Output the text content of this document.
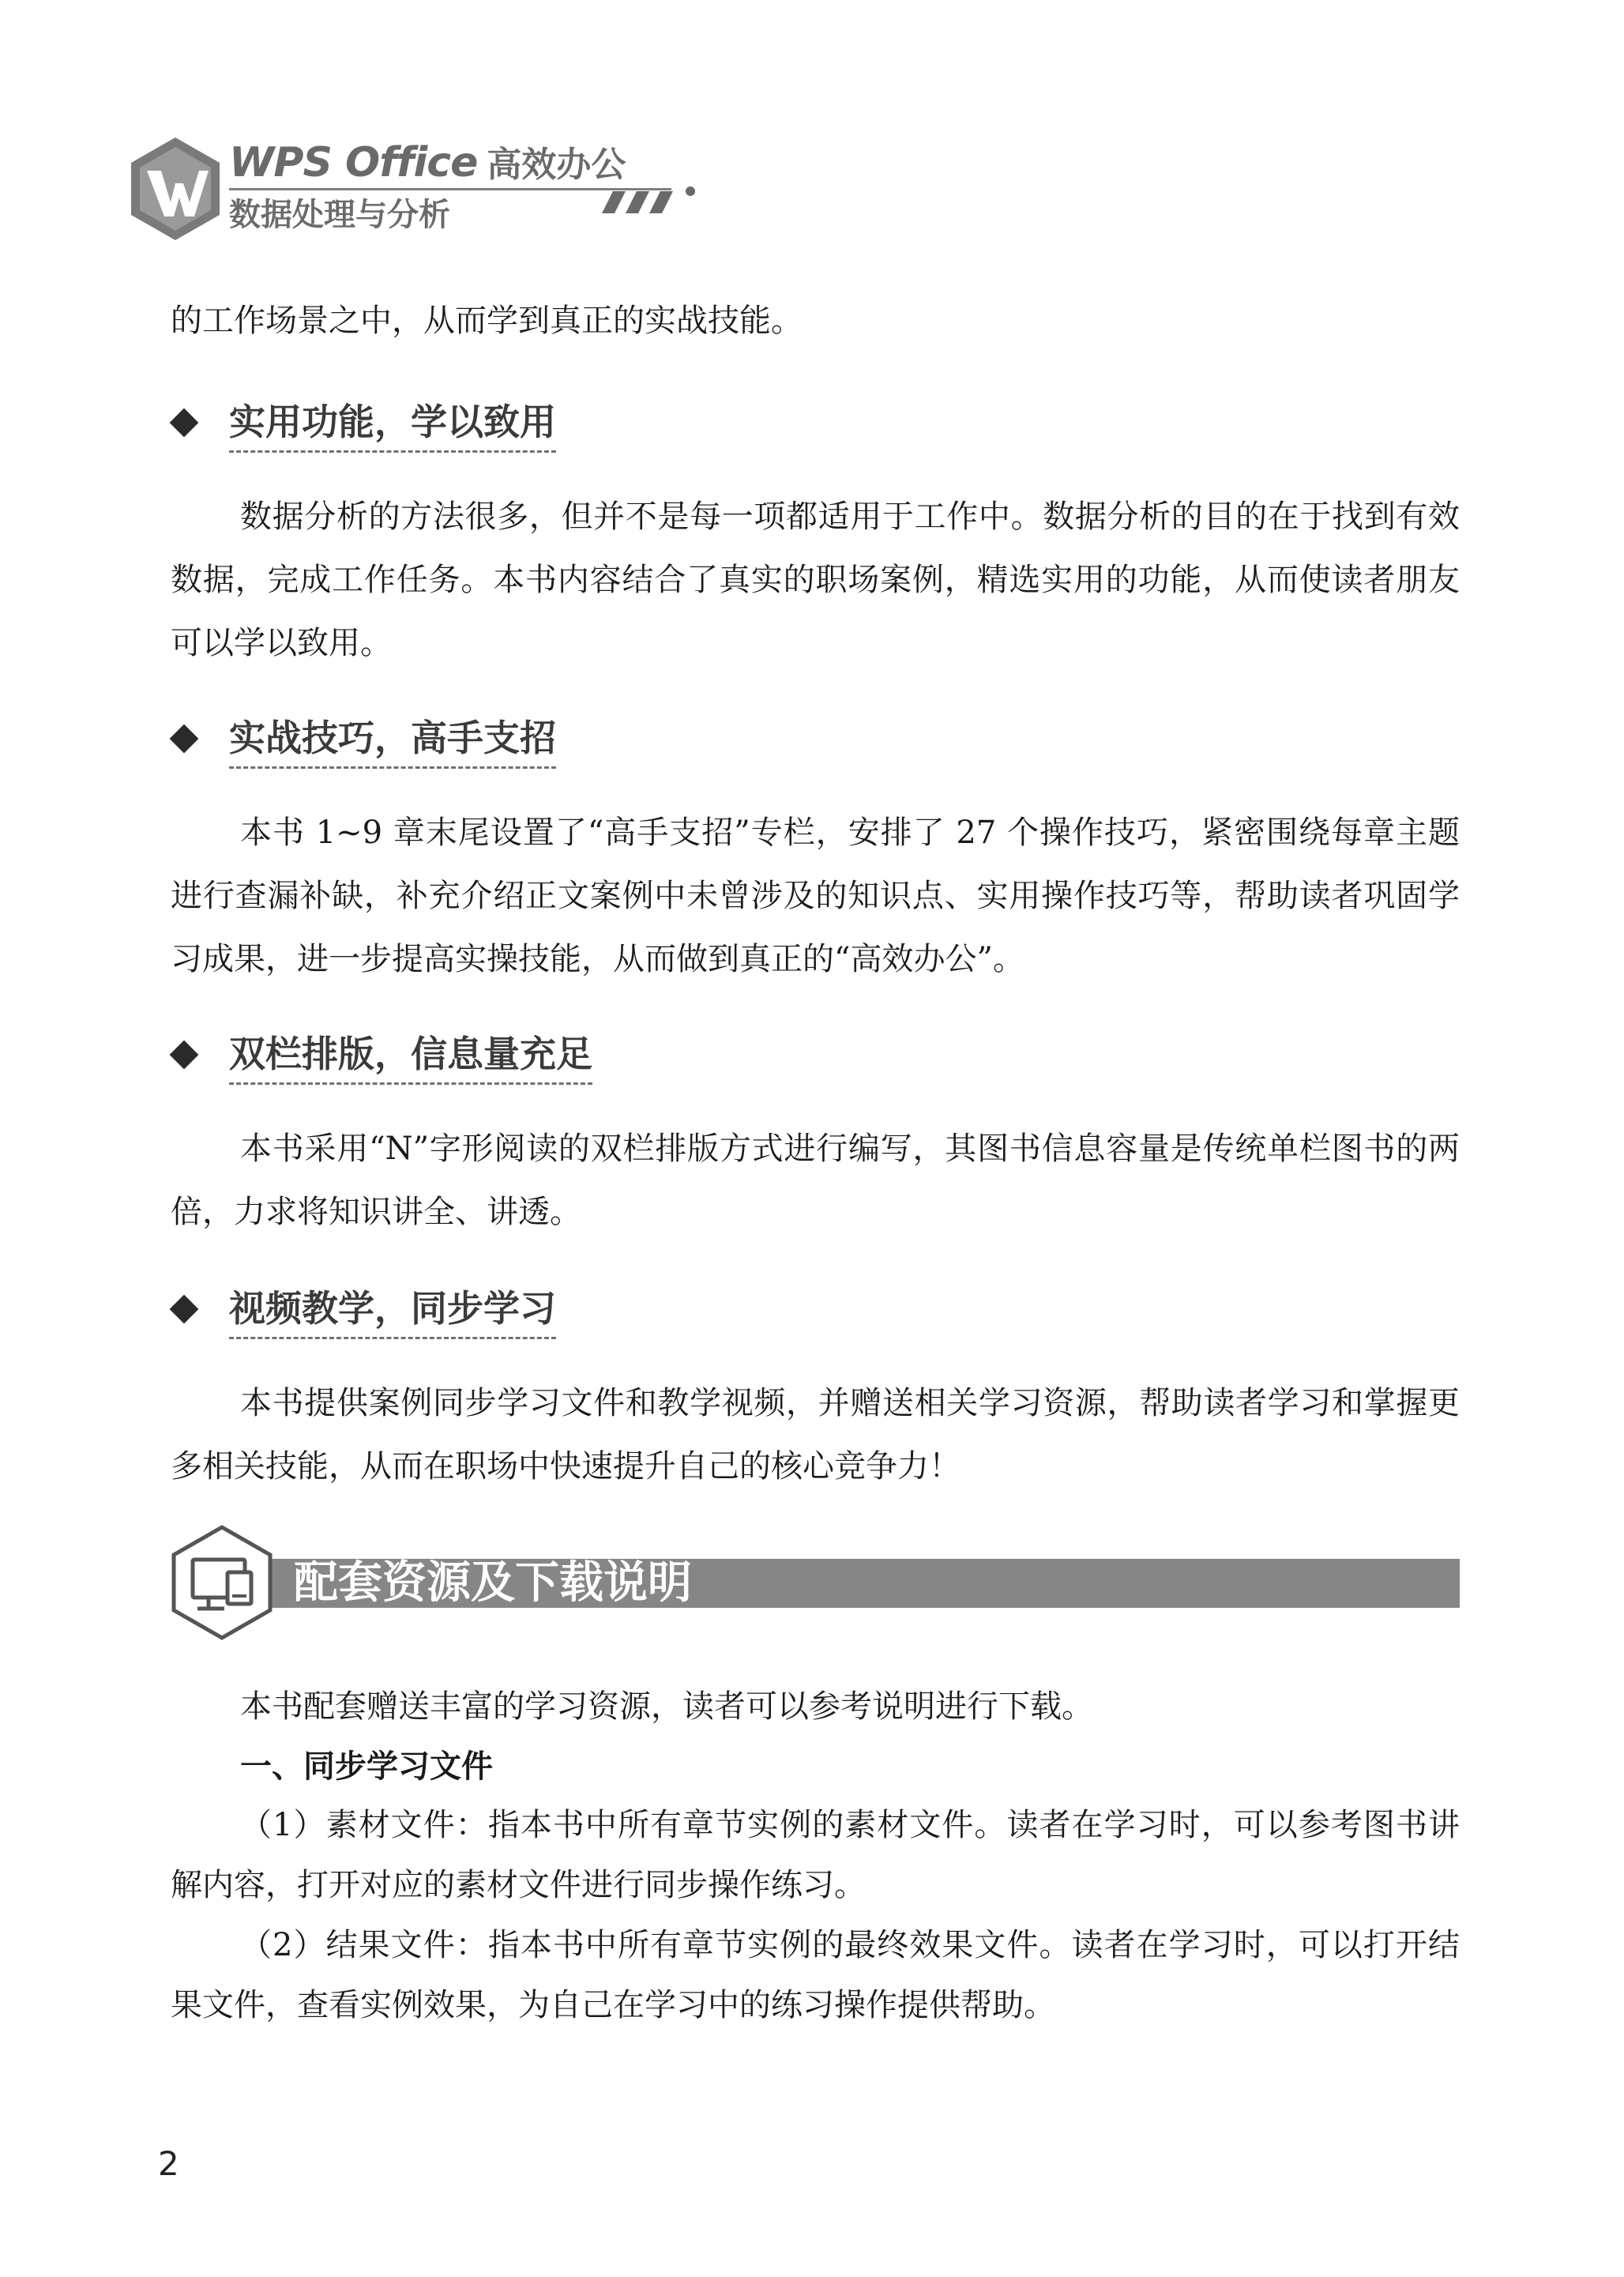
WPS Office 高效办公
数据处理与分析

的工作场景之中，从而学到真正的实战技能。

实用功能，学以致用

数据分析的方法很多，但并不是每一项都适用于工作中。数据分析的目的在于找到有效数据，完成工作任务。本书内容结合了真实的职场案例，精选实用的功能，从而使读者朋友可以学以致用。

实战技巧，高手支招

本书 1~9 章末尾设置了“高手支招”专栏，安排了 27 个操作技巧，紧密围绕每章主题进行查漏补缺，补充介绍正文案例中未曾涉及的知识点、实用操作技巧等，帮助读者巩固学习成果，进一步提高实操技能，从而做到真正的“高效办公”。

双栏排版，信息量充足

本书采用“N”字形阅读的双栏排版方式进行编写，其图书信息容量是传统单栏图书的两倍，力求将知识讲全、讲透。

视频教学，同步学习

本书提供案例同步学习文件和教学视频，并赠送相关学习资源，帮助读者学习和掌握更多相关技能，从而在职场中快速提升自己的核心竞争力！

配套资源及下载说明

本书配套赠送丰富的学习资源，读者可以参考说明进行下载。

一、同步学习文件

（1）素材文件：指本书中所有章节实例的素材文件。读者在学习时，可以参考图书讲解内容，打开对应的素材文件进行同步操作练习。

（2）结果文件：指本书中所有章节实例的最终效果文件。读者在学习时，可以打开结果文件，查看实例效果，为自己在学习中的练习操作提供帮助。

2
